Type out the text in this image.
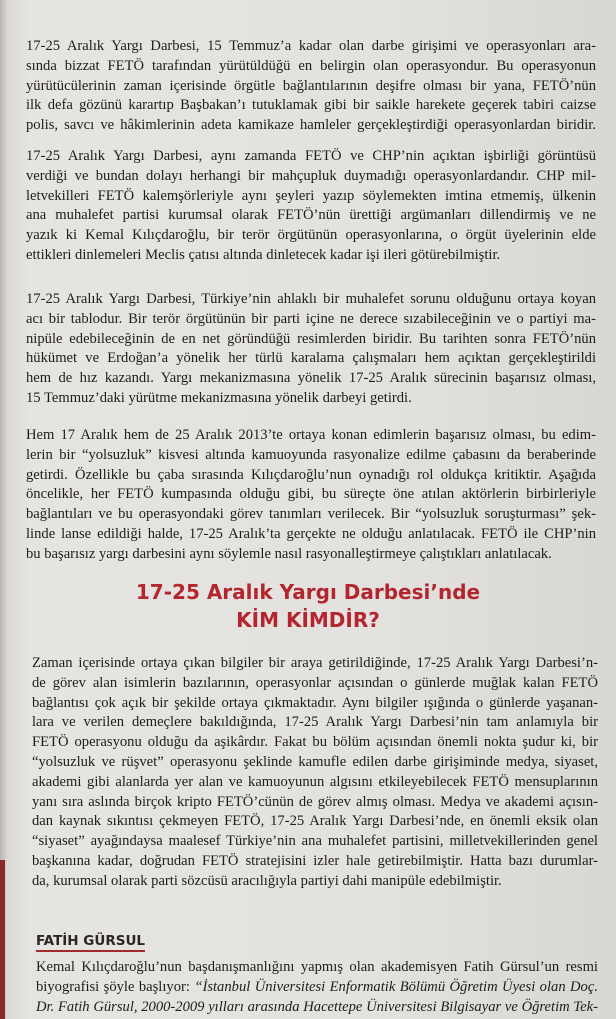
17-25 Aralık Yargı Darbesi, 15 Temmuz’a kadar olan darbe girişimi ve operasyonları ara-
sında bizzat FETÖ tarafından yürütüldüğü en belirgin olan operasyondur. Bu operasyonun
yürütücülerinin zaman içerisinde örgütle bağlantılarının deşifre olması bir yana, FETÖ’nün
ilk defa gözünü karartıp Başbakan’ı tutuklamak gibi bir saikle harekete geçerek tabiri caizse
polis, savcı ve hâkimlerinin adeta kamikaze hamleler gerçekleştirdiği operasyonlardan biridir.
17-25 Aralık Yargı Darbesi, aynı zamanda FETÖ ve CHP’nin açıktan işbirliği görüntüsü
verdiği ve bundan dolayı herhangi bir mahçupluk duymadığı operasyonlardandır. CHP mil-
letvekilleri FETÖ kalemşörleriyle aynı şeyleri yazıp söylemekten imtina etmemiş, ülkenin
ana muhalefet partisi kurumsal olarak FETÖ’nün ürettiği argümanları dillendirmiş ve ne
yazık ki Kemal Kılıçdaroğlu, bir terör örgütünün operasyonlarına, o örgüt üyelerinin elde
ettikleri dinlemeleri Meclis çatısı altında dinletecek kadar işi ileri götürebilmiştir.
17-25 Aralık Yargı Darbesi, Türkiye’nin ahlaklı bir muhalefet sorunu olduğunu ortaya koyan
acı bir tablodur. Bir terör örgütünün bir parti içine ne derece sızabileceğinin ve o partiyi ma-
nipüle edebileceğinin de en net göründüğü resimlerden biridir. Bu tarihten sonra FETÖ’nün
hükümet ve Erdoğan’a yönelik her türlü karalama çalışmaları hem açıktan gerçekleştirildi
hem de hız kazandı. Yargı mekanizmasına yönelik 17-25 Aralık sürecinin başarısız olması,
15 Temmuz’daki yürütme mekanizmasına yönelik darbeyi getirdi.
Hem 17 Aralık hem de 25 Aralık 2013’te ortaya konan edimlerin başarısız olması, bu edim-
lerin bir “yolsuzluk” kisvesi altında kamuoyunda rasyonalize edilme çabasını da beraberinde
getirdi. Özellikle bu çaba sırasında Kılıçdaroğlu’nun oynadığı rol oldukça kritiktir. Aşağıda
öncelikle, her FETÖ kumpasında olduğu gibi, bu süreçte öne atılan aktörlerin birbirleriyle
bağlantıları ve bu operasyondaki görev tanımları verilecek. Bir “yolsuzluk soruşturması” şek-
linde lanse edildiği halde, 17-25 Aralık’ta gerçekte ne olduğu anlatılacak. FETÖ ile CHP’nin
bu başarısız yargı darbesini aynı söylemle nasıl rasyonalleştirmeye çalıştıkları anlatılacak.
17-25 Aralık Yargı Darbesi’nde
KİM KİMDİR?
Zaman içerisinde ortaya çıkan bilgiler bir araya getirildiğinde, 17-25 Aralık Yargı Darbesi’n-
de görev alan isimlerin bazılarının, operasyonlar açısından o günlerde muğlak kalan FETÖ
bağlantısı çok açık bir şekilde ortaya çıkmaktadır. Aynı bilgiler ışığında o günlerde yaşanan-
lara ve verilen demeçlere bakıldığında, 17-25 Aralık Yargı Darbesi’nin tam anlamıyla bir
FETÖ operasyonu olduğu da aşikârdır. Fakat bu bölüm açısından önemli nokta şudur ki, bir
“yolsuzluk ve rüşvet” operasyonu şeklinde kamufle edilen darbe girişiminde medya, siyaset,
akademi gibi alanlarda yer alan ve kamuoyunun algısını etkileyebilecek FETÖ mensuplarının
yanı sıra aslında birçok kripto FETÖ’cünün de görev almış olması. Medya ve akademi açısın-
dan kaynak sıkıntısı çekmeyen FETÖ, 17-25 Aralık Yargı Darbesi’nde, en önemli eksik olan
“siyaset” ayağındaysa maalesef Türkiye’nin ana muhalefet partisini, milletvekillerinden genel
başkanına kadar, doğrudan FETÖ stratejisini izler hale getirebilmiştir. Hatta bazı durumlar-
da, kurumsal olarak parti sözcüsü aracılığıyla partiyi dahi manipüle edebilmiştir.
FATİH GÜRSUL
Kemal Kılıçdaroğlu’nun başdanışmanlığını yapmış olan akademisyen Fatih Gürsul’un resmi
biyografisi şöyle başlıyor: “İstanbul Üniversitesi Enformatik Bölümü Öğretim Üyesi olan Doç.
Dr. Fatih Gürsul, 2000-2009 yılları arasında Hacettepe Üniversitesi Bilgisayar ve Öğretim Tek-
